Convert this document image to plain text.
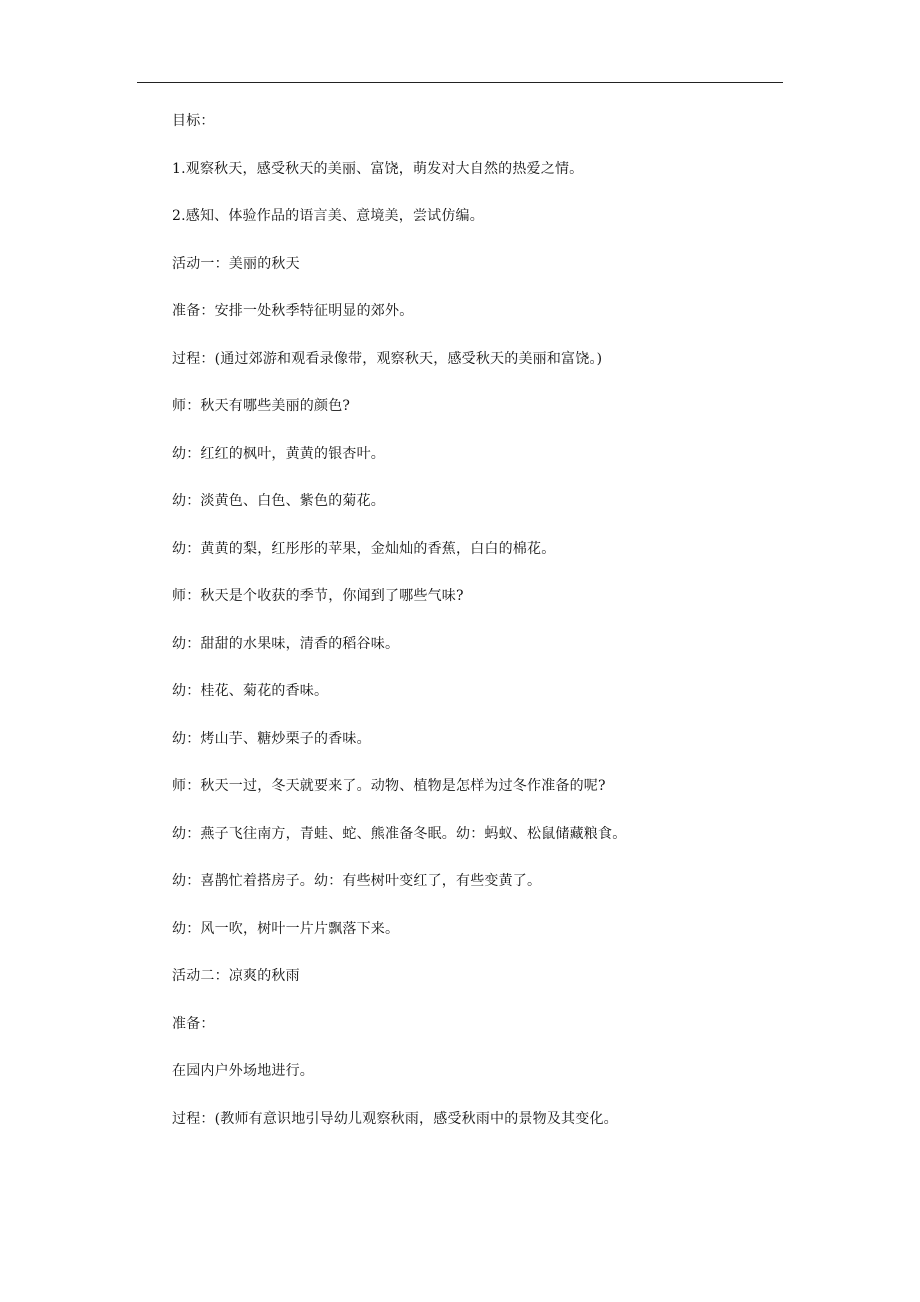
目标：
1.观察秋天，感受秋天的美丽、富饶，萌发对大自然的热爱之情。
2.感知、体验作品的语言美、意境美，尝试仿编。
活动一：美丽的秋天
准备：安排一处秋季特征明显的郊外。
过程：(通过郊游和观看录像带，观察秋天，感受秋天的美丽和富饶。)
师：秋天有哪些美丽的颜色?
幼：红红的枫叶，黄黄的银杏叶。
幼：淡黄色、白色、紫色的菊花。
幼：黄黄的梨，红彤彤的苹果，金灿灿的香蕉，白白的棉花。
师：秋天是个收获的季节，你闻到了哪些气味?
幼：甜甜的水果味，清香的稻谷味。
幼：桂花、菊花的香味。
幼：烤山芋、糖炒栗子的香味。
师：秋天一过，冬天就要来了。动物、植物是怎样为过冬作准备的呢?
幼：燕子飞往南方，青蛙、蛇、熊准备冬眠。幼：蚂蚁、松鼠储藏粮食。
幼：喜鹊忙着搭房子。幼：有些树叶变红了，有些变黄了。
幼：风一吹，树叶一片片飘落下来。
活动二：凉爽的秋雨
准备：
在园内户外场地进行。
过程：(教师有意识地引导幼儿观察秋雨，感受秋雨中的景物及其变化。
